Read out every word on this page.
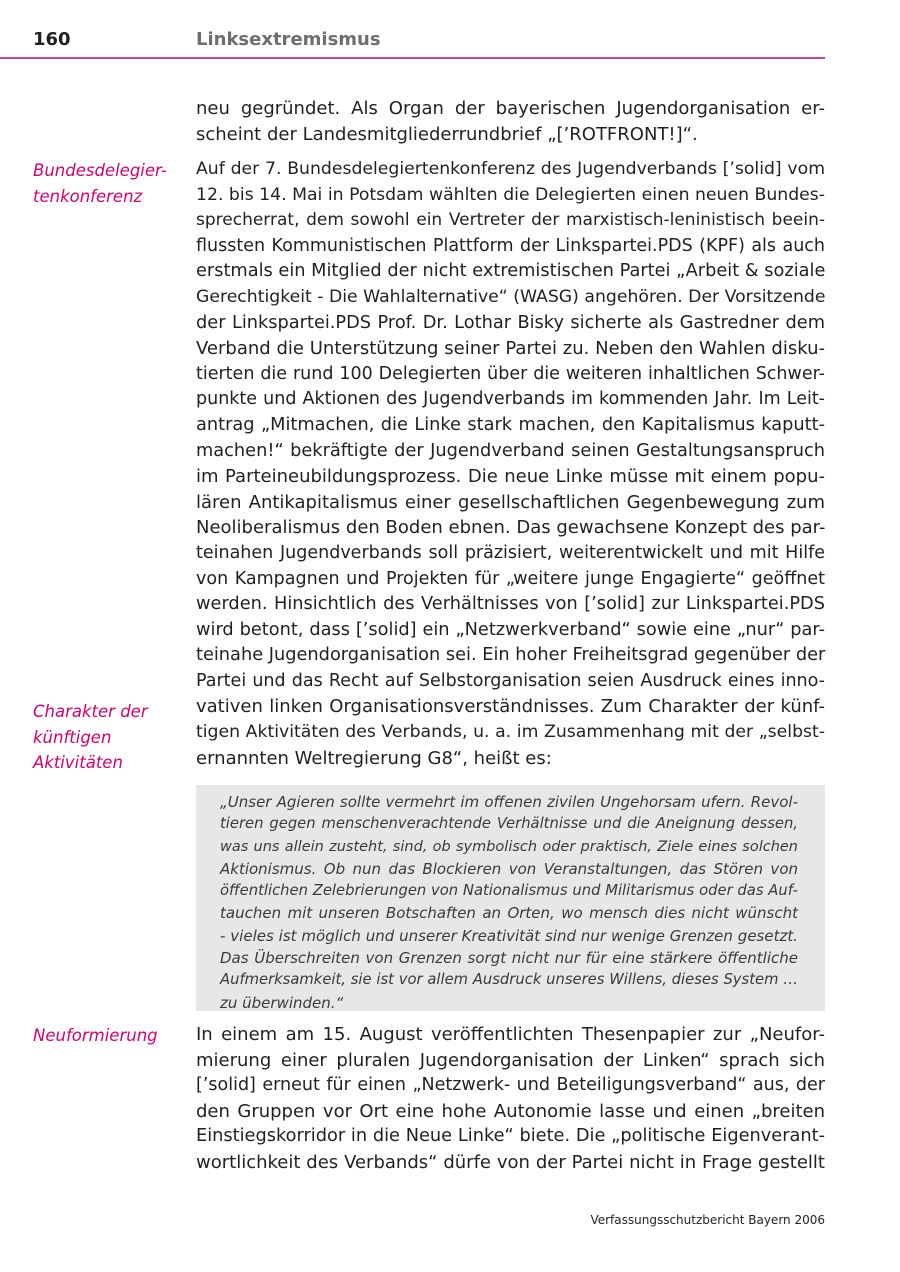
160	Linksextremismus
neu gegründet. Als Organ der bayerischen Jugendorganisation er-
scheint der Landesmitgliederrundbrief „[’ROTFRONT!]“.
Bundesdelegier-
tenkonferenz
Auf der 7. Bundesdelegiertenkonferenz des Jugendverbands [’solid] vom
12. bis 14. Mai in Potsdam wählten die Delegierten einen neuen Bundes-
sprecherrat, dem sowohl ein Vertreter der marxistisch-leninistisch beein-
flussten Kommunistischen Plattform der Linkspartei.PDS (KPF) als auch
erstmals ein Mitglied der nicht extremistischen Partei „Arbeit & soziale
Gerechtigkeit - Die Wahlalternative“ (WASG) angehören. Der Vorsitzende
der Linkspartei.PDS Prof. Dr. Lothar Bisky sicherte als Gastredner dem
Verband die Unterstützung seiner Partei zu. Neben den Wahlen disku-
tierten die rund 100 Delegierten über die weiteren inhaltlichen Schwer-
punkte und Aktionen des Jugendverbands im kommenden Jahr. Im Leit-
antrag „Mitmachen, die Linke stark machen, den Kapitalismus kaputt-
machen!“ bekräftigte der Jugendverband seinen Gestaltungsanspruch
im Parteineubildungsprozess. Die neue Linke müsse mit einem popu-
lären Antikapitalismus einer gesellschaftlichen Gegenbewegung zum
Neoliberalismus den Boden ebnen. Das gewachsene Konzept des par-
teinahen Jugendverbands soll präzisiert, weiterentwickelt und mit Hilfe
von Kampagnen und Projekten für „weitere junge Engagierte“ geöffnet
werden. Hinsichtlich des Verhältnisses von [’solid] zur Linkspartei.PDS
wird betont, dass [’solid] ein „Netzwerkverband“ sowie eine „nur“ par-
teinahe Jugendorganisation sei. Ein hoher Freiheitsgrad gegenüber der
Partei und das Recht auf Selbstorganisation seien Ausdruck eines inno-
vativen linken Organisationsverständnisses. Zum Charakter der künf-
tigen Aktivitäten des Verbands, u. a. im Zusammenhang mit der „selbst-
ernannten Weltregierung G8“, heißt es:
Charakter der
künftigen
Aktivitäten
„Unser Agieren sollte vermehrt im offenen zivilen Ungehorsam ufern. Revol-
tieren gegen menschenverachtende Verhältnisse und die Aneignung dessen,
was uns allein zusteht, sind, ob symbolisch oder praktisch, Ziele eines solchen
Aktionismus. Ob nun das Blockieren von Veranstaltungen, das Stören von
öffentlichen Zelebrierungen von Nationalismus und Militarismus oder das Auf-
tauchen mit unseren Botschaften an Orten, wo mensch dies nicht wünscht
- vieles ist möglich und unserer Kreativität sind nur wenige Grenzen gesetzt.
Das Überschreiten von Grenzen sorgt nicht nur für eine stärkere öffentliche
Aufmerksamkeit, sie ist vor allem Ausdruck unseres Willens, dieses System …
zu überwinden.“
Neuformierung	In einem am 15. August veröffentlichten Thesenpapier zur „Neufor-
mierung einer pluralen Jugendorganisation der Linken“ sprach sich
[’solid] erneut für einen „Netzwerk- und Beteiligungsverband“ aus, der
den Gruppen vor Ort eine hohe Autonomie lasse und einen „breiten
Einstiegskorridor in die Neue Linke“ biete. Die „politische Eigenverant-
wortlichkeit des Verbands“ dürfe von der Partei nicht in Frage gestellt
Verfassungsschutzbericht Bayern 2006
